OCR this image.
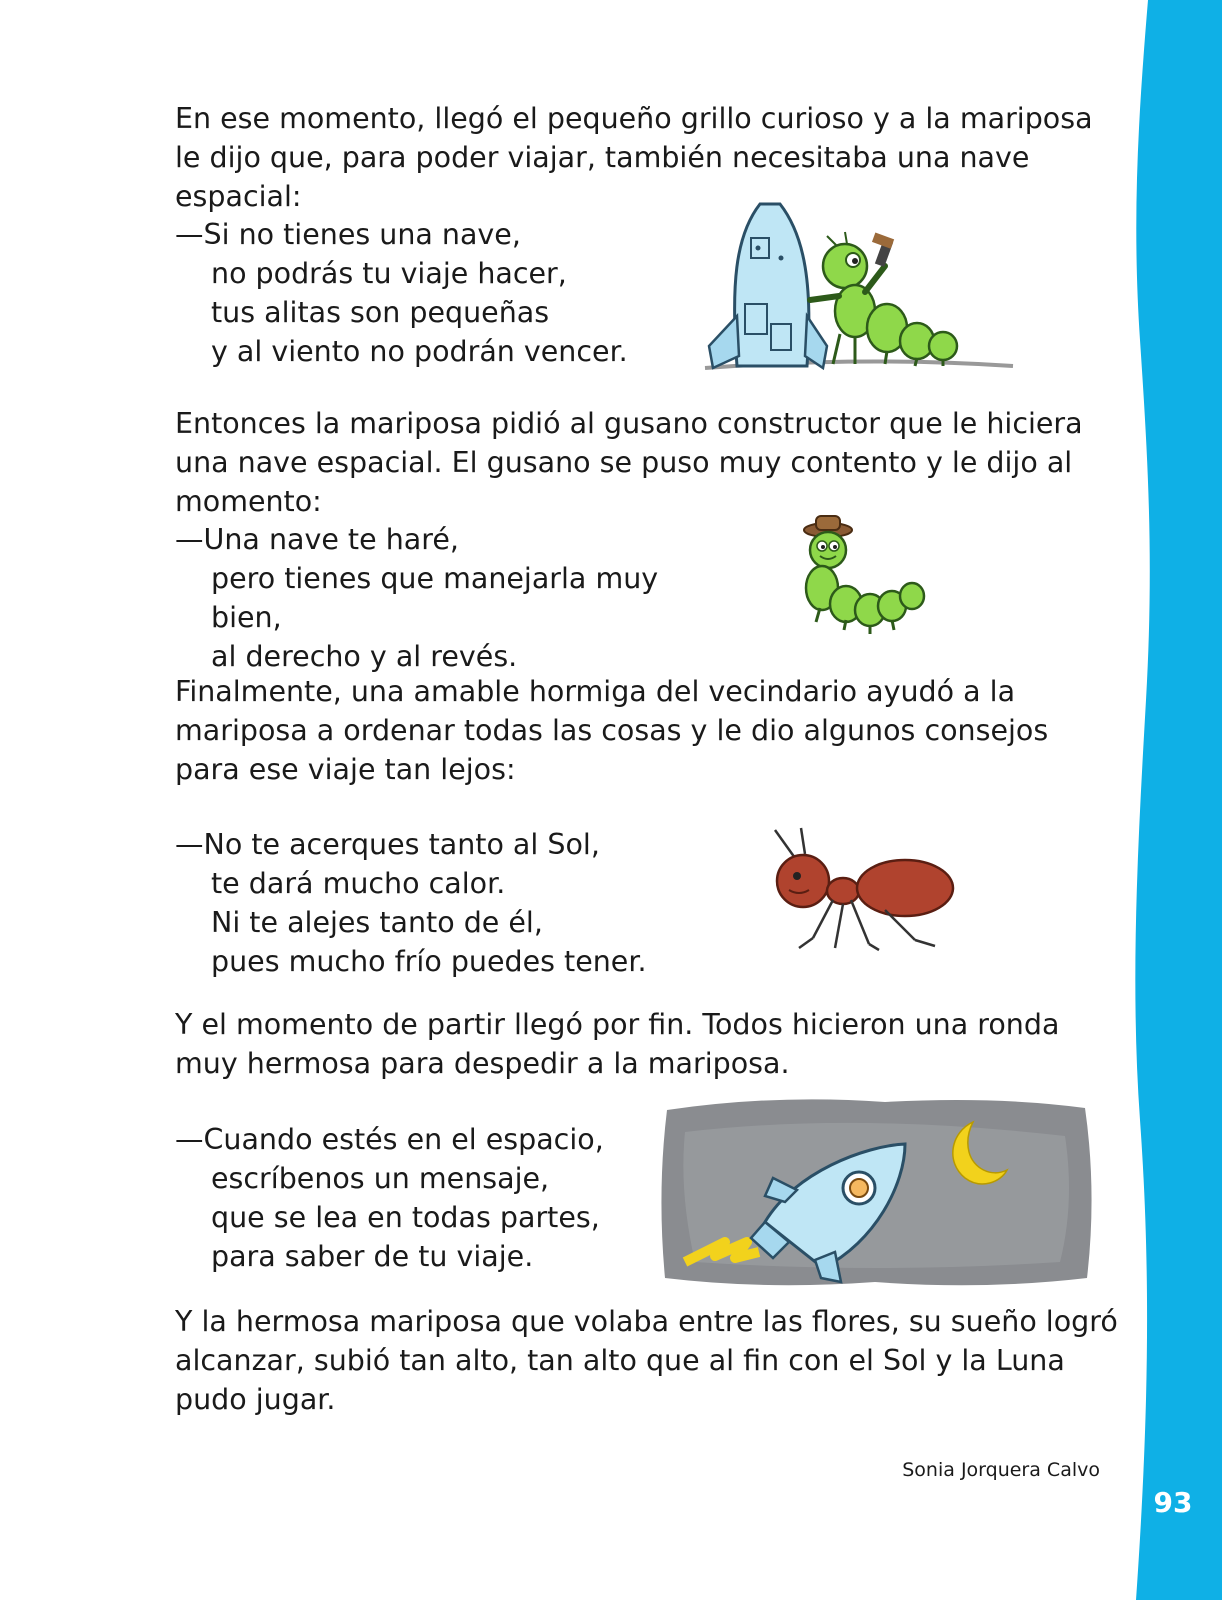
93
En ese momento, llegó el pequeño grillo curioso y a la mariposa le dijo que, para poder viajar, también necesitaba una nave espacial:
—Si no tienes una nave,
no podrás tu viaje hacer,
tus alitas son pequeñas
y al viento no podrán vencer.
Entonces la mariposa pidió al gusano constructor que le hiciera una nave espacial. El gusano se puso muy contento y le dijo al momento:
—Una nave te haré,
pero tienes que manejarla muy bien,
al derecho y al revés.
Finalmente, una amable hormiga del vecindario ayudó a la mariposa a ordenar todas las cosas y le dio algunos consejos para ese viaje tan lejos:
—No te acerques tanto al Sol,
te dará mucho calor.
Ni te alejes tanto de él,
pues mucho frío puedes tener.
Y el momento de partir llegó por fin. Todos hicieron una ronda muy hermosa para despedir a la mariposa.
—Cuando estés en el espacio,
escríbenos un mensaje,
que se lea en todas partes,
para saber de tu viaje.
Y la hermosa mariposa que volaba entre las flores, su sueño logró alcanzar, subió tan alto, tan alto que al fin con el Sol y la Luna pudo jugar.
Sonia Jorquera Calvo
